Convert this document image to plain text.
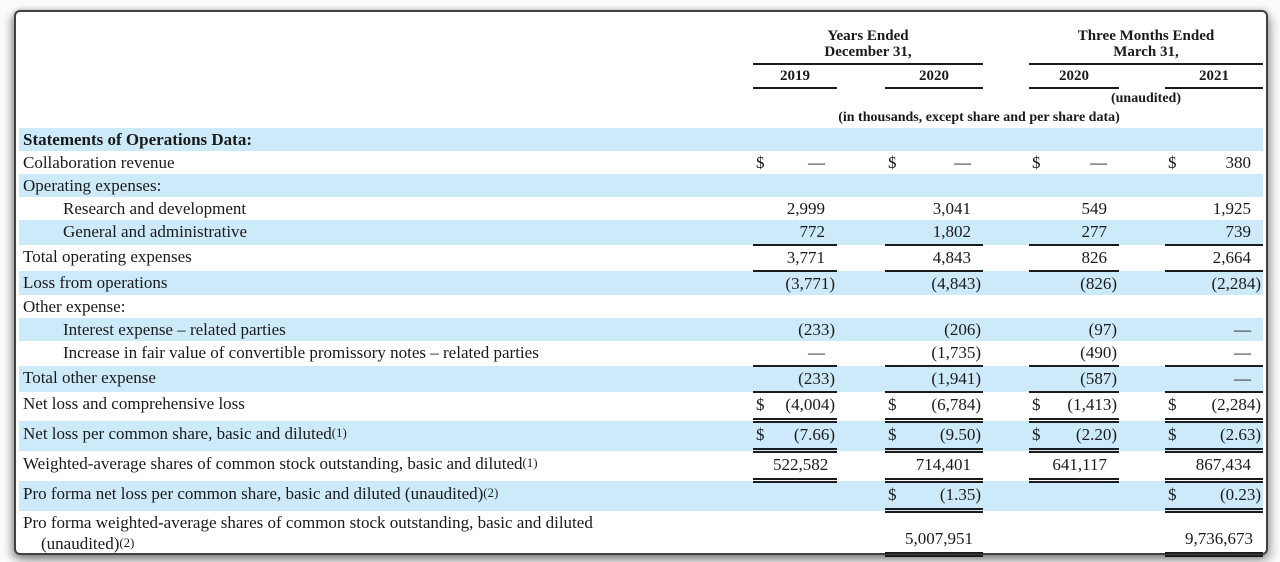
Years Ended
December 31,

Three Months Ended
March 31,

	2019			2020			2020			2021	
							(unaudited)				
	(in thousands, except share and per share data)										
Statements of Operations Data:											
Collaboration revenue	$	—		$	—		$	—		$	380
Operating expenses:											
Research and development		2,999			3,041			549			1,925
General and administrative		772			1,802			277			739
Total operating expenses		3,771			4,843			826			2,664
Loss from operations		(3,771)			(4,843)			(826)			(2,284)
Other expense:											
Interest expense – related parties		(233)			(206)			(97)			—
Increase in fair value of convertible promissory notes – related parties		—			(1,735)			(490)			—
Total other expense		(233)			(1,941)			(587)			—
Net loss and comprehensive loss	$	(4,004)		$	(6,784)		$	(1,413)		$	(2,284)
Net loss per common share, basic and diluted(1)	$	(7.66)		$	(9.50)		$	(2.20)		$	(2.63)
Weighted-average shares of common stock outstanding, basic and diluted(1)		522,582			714,401			641,117			867,434
Pro forma net loss per common share, basic and diluted (unaudited)(2)				$	(1.35)					$	(0.23)
Pro forma weighted-average shares of common stock outstanding, basic and diluted
(unaudited)(2)					5,007,951						9,736,673
